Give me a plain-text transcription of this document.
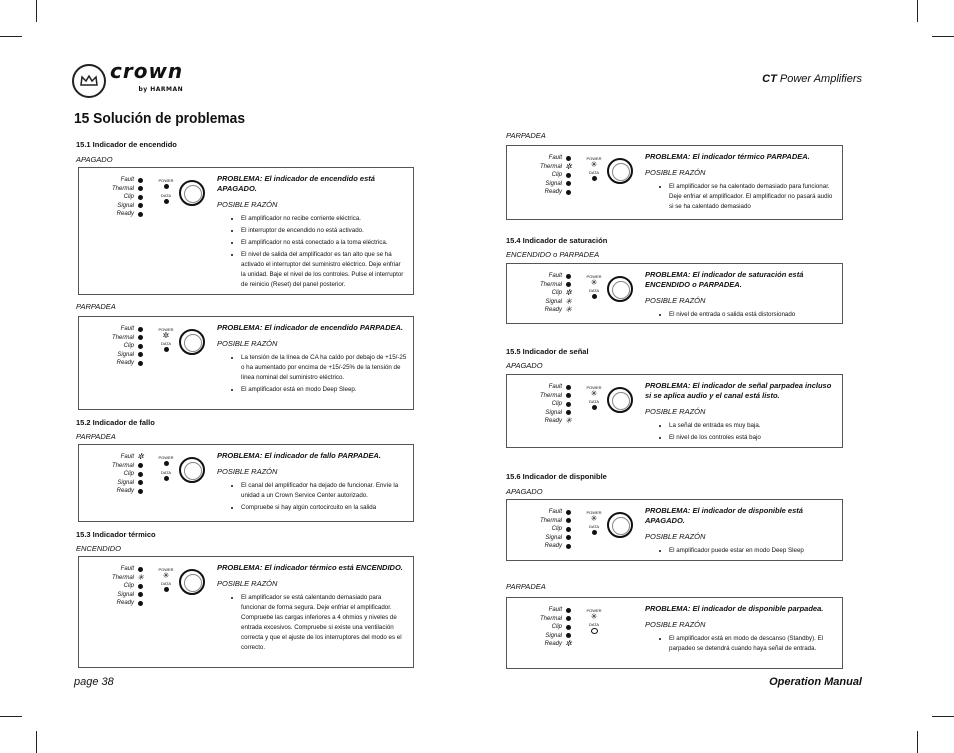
crown
by HARMAN
CT Power Amplifiers
15 Solución de problemas
15.1 Indicador de encendido
APAGADO
Fault
Thermal
Clip
Signal
Ready
POWER
DATA
PROBLEMA: El indicador de encendido está APAGADO.
POSIBLE RAZÓN
• El amplificador no recibe corriente eléctrica.
• El interruptor de encendido no está activado.
• El amplificador no está conectado a la toma eléctrica.
• El nivel de salida del amplificador es tan alto que se ha activado el interruptor del suministro eléctrico. Deje enfriar la unidad. Baje el nivel de los controles. Pulse el interruptor de reinicio (Reset) del panel posterior.
PARPADEA
Fault
Thermal
Clip
Signal
Ready
POWER
✲
DATA
PROBLEMA: El indicador de encendido PARPADEA.
POSIBLE RAZÓN
• La tensión de la línea de CA ha caído por debajo de +15/-25 o ha aumentado por encima de +15/-25% de la tensión de línea nominal del suministro eléctrico.
• El amplificador está en modo Deep Sleep.
15.2 Indicador de fallo
PARPADEA
Fault ✲
Thermal
Clip
Signal
Ready
POWER
DATA
PROBLEMA: El indicador de fallo PARPADEA.
POSIBLE RAZÓN
• El canal del amplificador ha dejado de funcionar. Envíe la unidad a un Crown Service Center autorizado.
• Compruebe si hay algún cortocircuito en la salida
15.3 Indicador térmico
ENCENDIDO
Fault
Thermal ✳
Clip
Signal
Ready
POWER
✳
DATA
PROBLEMA: El indicador térmico está ENCENDIDO.
POSIBLE RAZÓN
• El amplificador se está calentando demasiado para funcionar de forma segura. Deje enfriar el amplificador. Compruebe las cargas inferiores a 4 ohmios y niveles de entrada excesivos. Compruebe si existe una ventilación correcta y que el ajuste de los interruptores del modo es el correcto.
PARPADEA
Fault
Thermal ✲
Clip
Signal
Ready
POWER
✳
DATA
PROBLEMA: El indicador térmico PARPADEA.
POSIBLE RAZÓN
• El amplificador se ha calentado demasiado para funcionar. Deje enfriar el amplificador. El amplificador no pasará audio si se ha calentado demasiado
15.4 Indicador de saturación
ENCENDIDO o PARPADEA
Fault
Thermal
Clip ✲
Signal ✳
Ready ✳
POWER
✳
DATA
PROBLEMA: El indicador de saturación está ENCENDIDO o PARPADEA.
POSIBLE RAZÓN
• El nivel de entrada o salida está distorsionado
15.5 Indicador de señal
APAGADO
Fault
Thermal
Clip
Signal
Ready ✳
POWER
✳
DATA
PROBLEMA: El indicador de señal parpadea incluso si se aplica audio y el canal está listo.
POSIBLE RAZÓN
• La señal de entrada es muy baja.
• El nivel de los controles está bajo
15.6 Indicador de disponible
APAGADO
Fault
Thermal
Clip
Signal
Ready
POWER
✳
DATA
PROBLEMA: El indicador de disponible está APAGADO.
POSIBLE RAZÓN
• El amplificador puede estar en modo Deep Sleep
PARPADEA
Fault
Thermal
Clip
Signal
Ready ✲
POWER
✳
DATA
PROBLEMA: El indicador de disponible parpadea.
POSIBLE RAZÓN
• El amplificador está en modo de descanso (Standby). El parpadeo se detendrá cuando haya señal de entrada.
page 38	Operation Manual
